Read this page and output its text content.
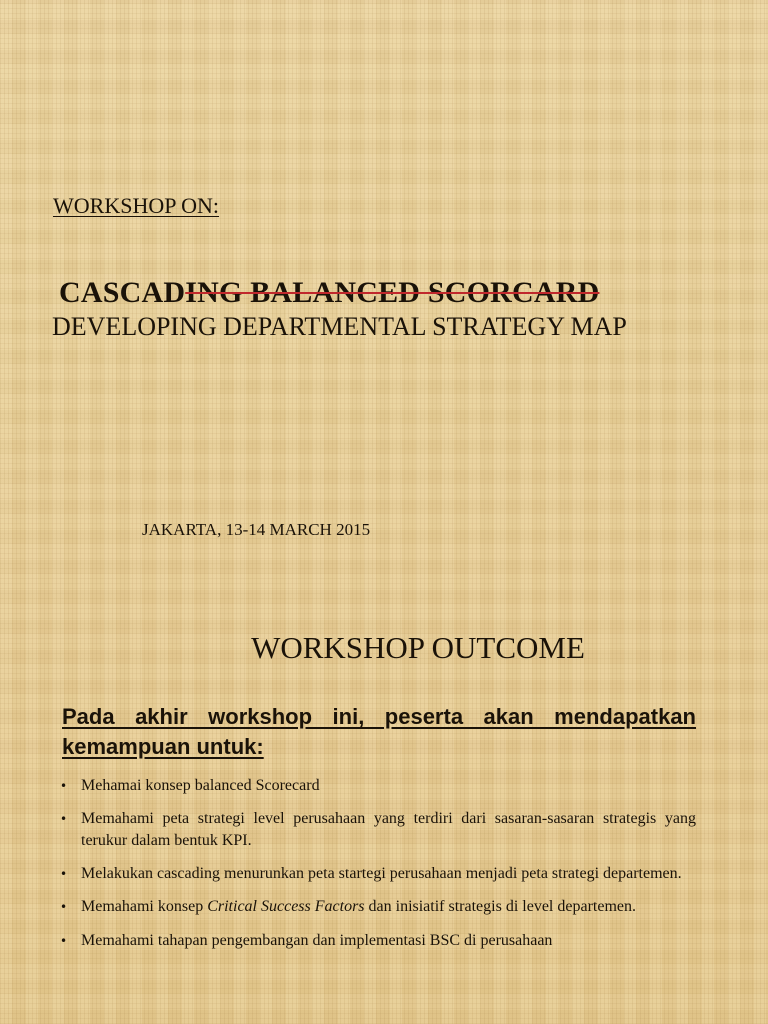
WORKSHOP ON:
CASCADING BALANCED SCORCARD
DEVELOPING DEPARTMENTAL STRATEGY MAP
JAKARTA, 13-14 MARCH 2015
WORKSHOP OUTCOME
Pada akhir workshop ini, peserta akan mendapatkan kemampuan untuk:
• Mehamai konsep balanced Scorecard
• Memahami peta strategi level perusahaan yang terdiri dari sasaran-sasaran strategis yang terukur dalam bentuk KPI.
• Melakukan cascading menurunkan peta startegi perusahaan menjadi peta strategi departemen.
• Memahami konsep Critical Success Factors dan inisiatif strategis di level departemen.
• Memahami tahapan pengembangan dan implementasi BSC di perusahaan
